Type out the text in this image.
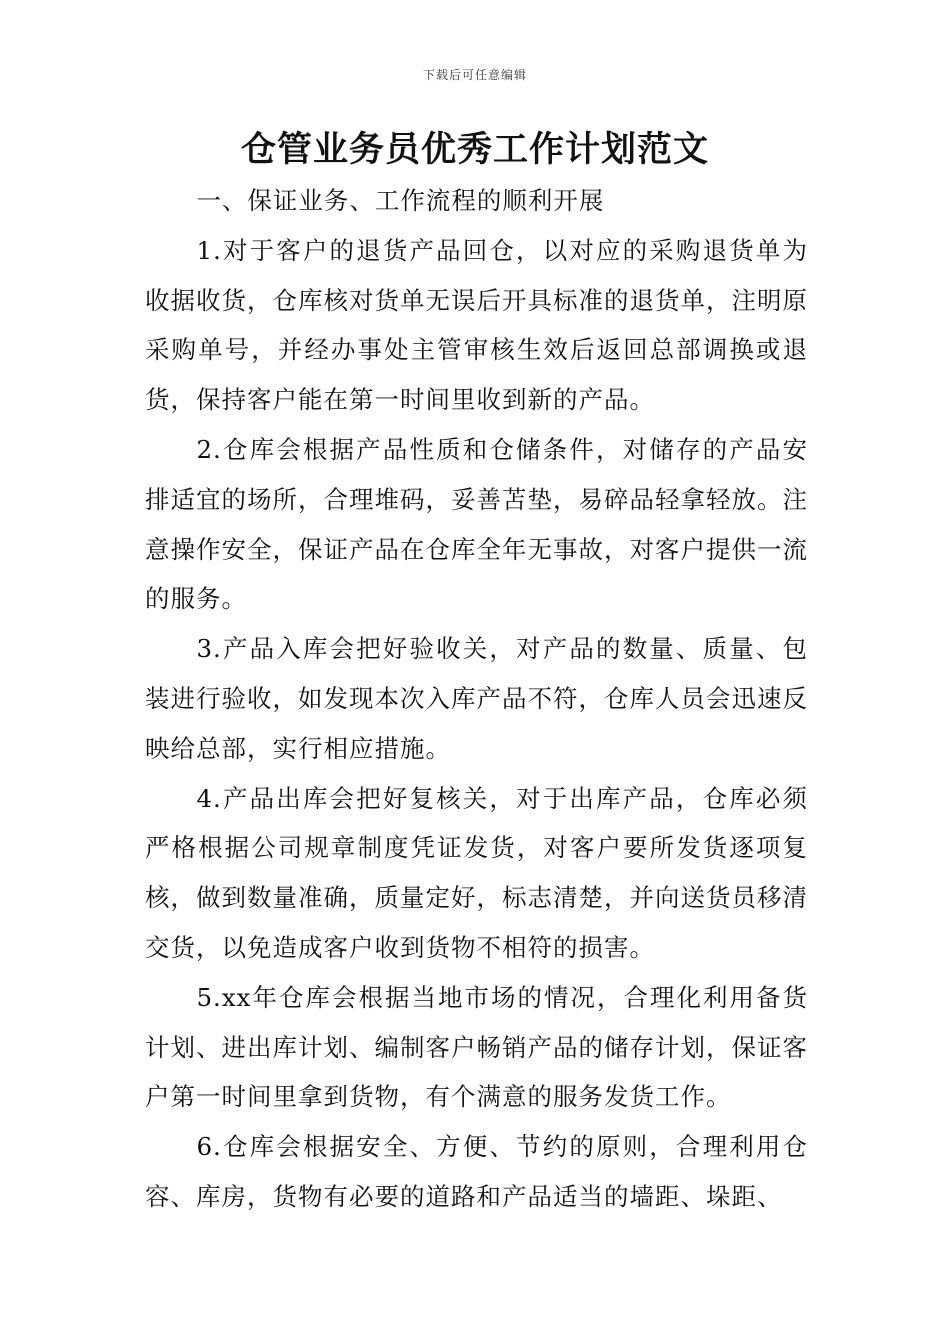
下载后可任意编辑
仓管业务员优秀工作计划范文

一、保证业务、工作流程的顺利开展

1.对于客户的退货产品回仓，以对应的采购退货单为收据收货，仓库核对货单无误后开具标准的退货单，注明原采购单号，并经办事处主管审核生效后返回总部调换或退货，保持客户能在第一时间里收到新的产品。

2.仓库会根据产品性质和仓储条件，对储存的产品安排适宜的场所，合理堆码，妥善苫垫，易碎品轻拿轻放。注意操作安全，保证产品在仓库全年无事故，对客户提供一流的服务。

3.产品入库会把好验收关，对产品的数量、质量、包装进行验收，如发现本次入库产品不符，仓库人员会迅速反映给总部，实行相应措施。

4.产品出库会把好复核关，对于出库产品，仓库必须严格根据公司规章制度凭证发货，对客户要所发货逐项复核，做到数量准确，质量定好，标志清楚，并向送货员移清交货，以免造成客户收到货物不相符的损害。

5.xx年仓库会根据当地市场的情况，合理化利用备货计划、进出库计划、编制客户畅销产品的储存计划，保证客户第一时间里拿到货物，有个满意的服务发货工作。

6.仓库会根据安全、方便、节约的原则，合理利用仓容、库房，货物有必要的道路和产品适当的墙距、垛距、
